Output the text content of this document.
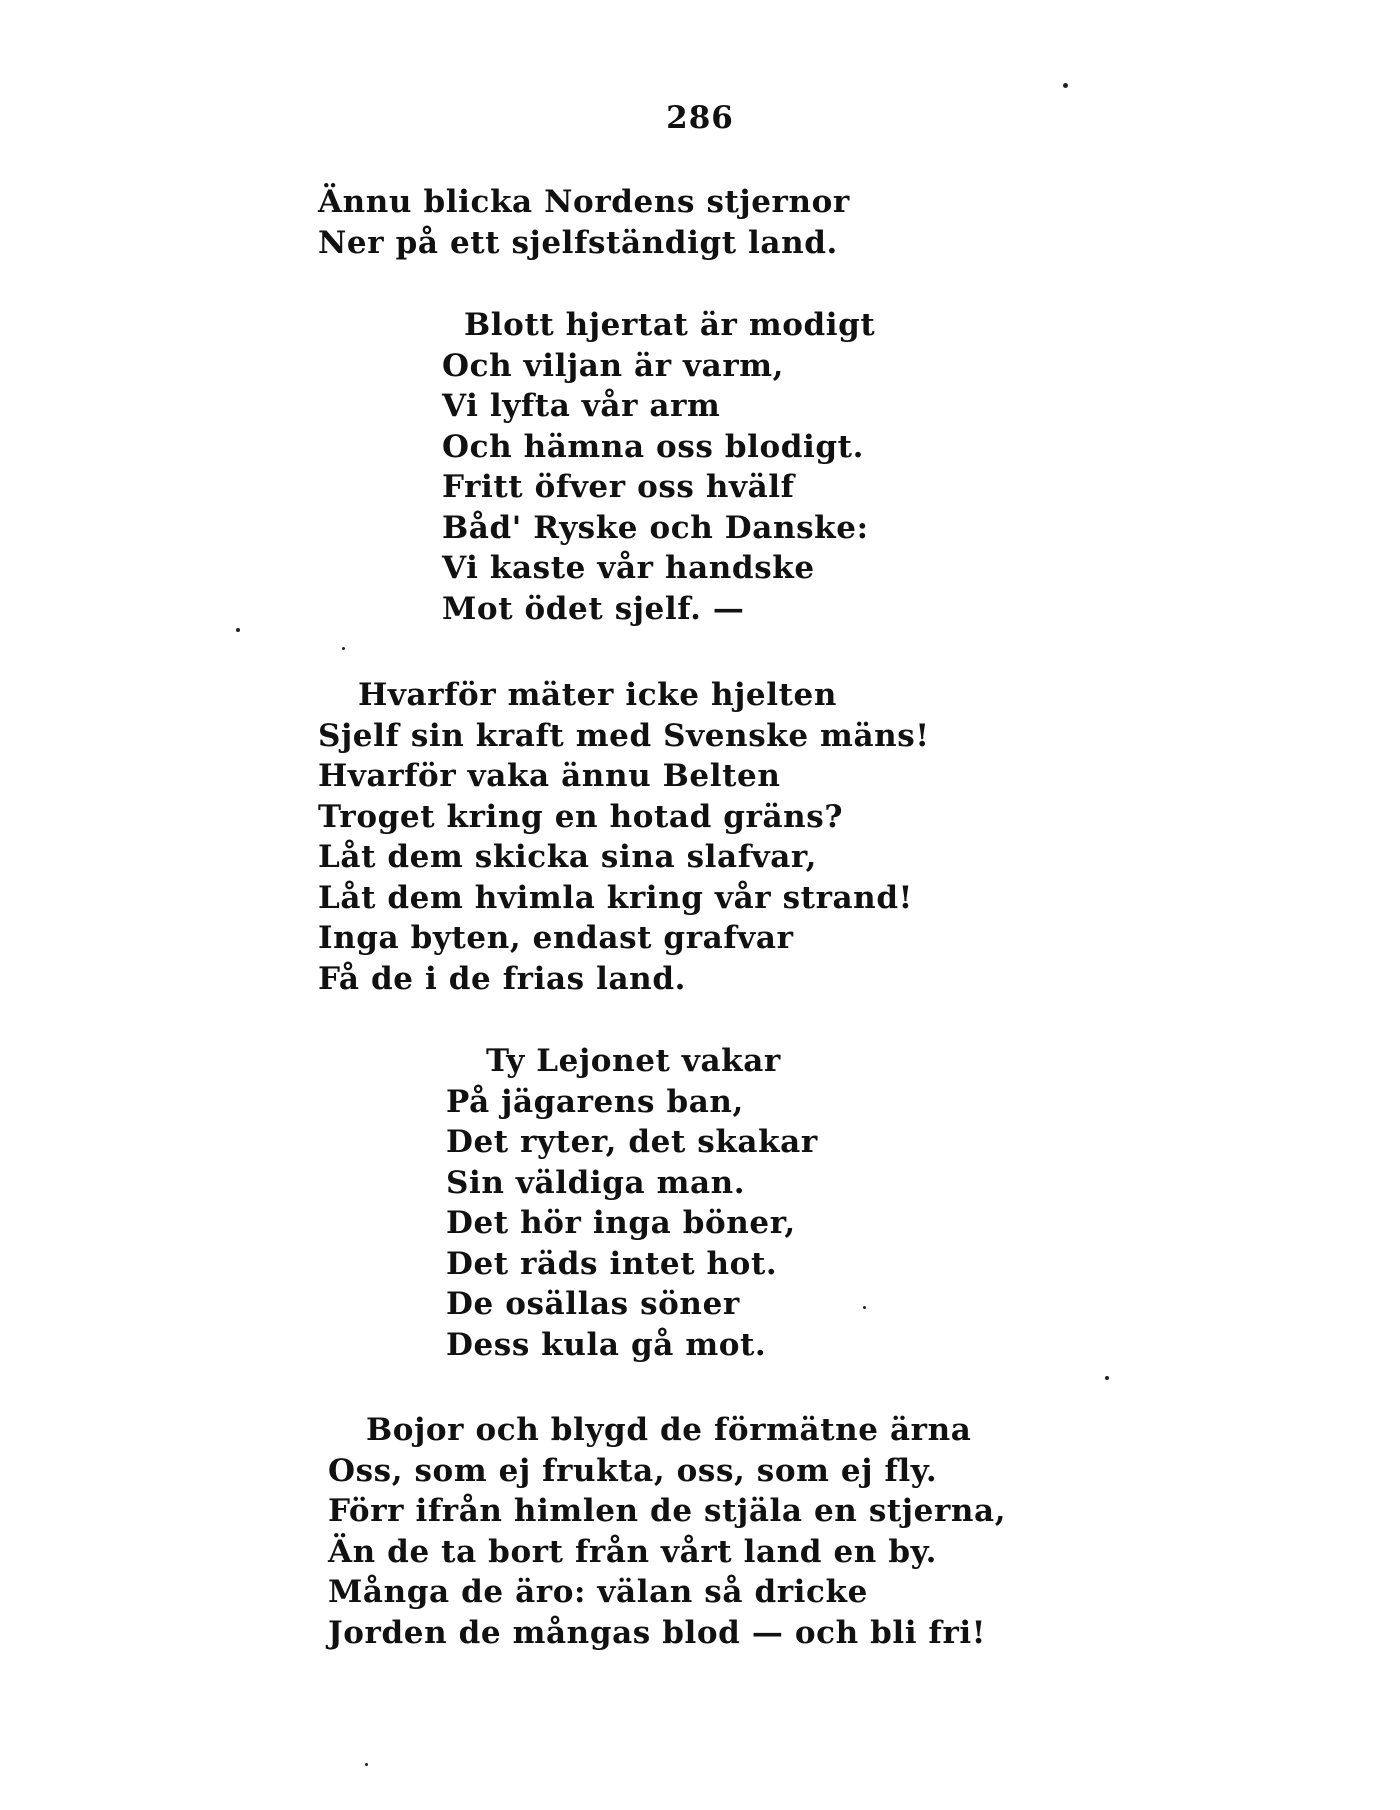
286
Ännu blicka Nordens stjernor
Ner på ett sjelfständigt land.
Blott hjertat är modigt
Och viljan är varm,
Vi lyfta vår arm
Och hämna oss blodigt.
Fritt öfver oss hvälf
Båd' Ryske och Danske:
Vi kaste vår handske
Mot ödet sjelf. —
Hvarför mäter icke hjelten
Sjelf sin kraft med Svenske mäns!
Hvarför vaka ännu Belten
Troget kring en hotad gräns?
Låt dem skicka sina slafvar,
Låt dem hvimla kring vår strand!
Inga byten, endast grafvar
Få de i de frias land.
Ty Lejonet vakar
På jägarens ban,
Det ryter, det skakar
Sin väldiga man.
Det hör inga böner,
Det räds intet hot.
De osällas söner
Dess kula gå mot.
Bojor och blygd de förmätne ärna
Oss, som ej frukta, oss, som ej fly.
Förr ifrån himlen de stjäla en stjerna,
Än de ta bort från vårt land en by.
Många de äro: välan så dricke
Jorden de mångas blod — och bli fri!
